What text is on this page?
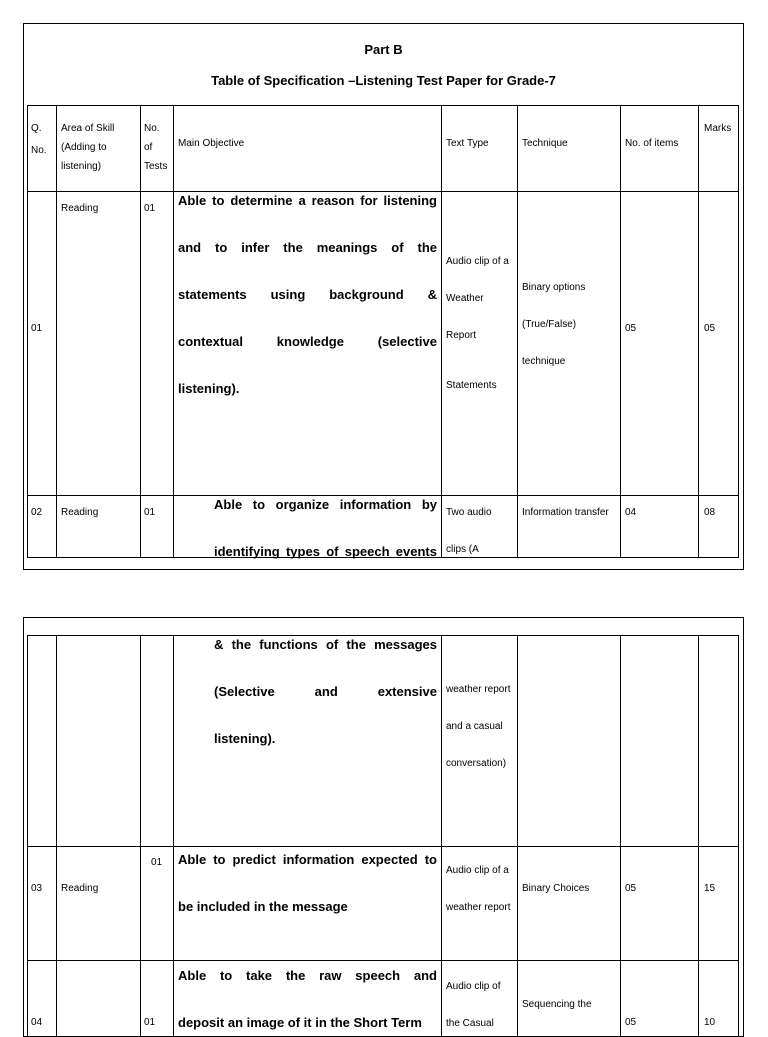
Part B
Table of Specification –Listening Test Paper for Grade-7
Q.
No.	Area of Skill
(Adding to
listening)	No.
of
Tests	Main Objective	Text Type	Technique	No. of items	Marks

01	Reading	01	Able to determine a reason for listening
and to infer the meanings of the
statements using background &
contextual knowledge (selective
listening).	Audio clip of a
Weather
Report
Statements	Binary options
(True/False)
technique	05	05

02	Reading	01	Able to organize information by
identifying types of speech events	Two audio
clips (A	Information transfer	04	08

			& the functions of the messages
(Selective and extensive
listening).	weather report
and a casual
conversation)			

03	Reading	01	Able to predict information expected to
be included in the message	Audio clip of a
weather report	Binary Choices	05	15

04		01	Able to take the raw speech and
deposit an image of it in the Short Term	Audio clip of
the Casual	Sequencing the	05	10
